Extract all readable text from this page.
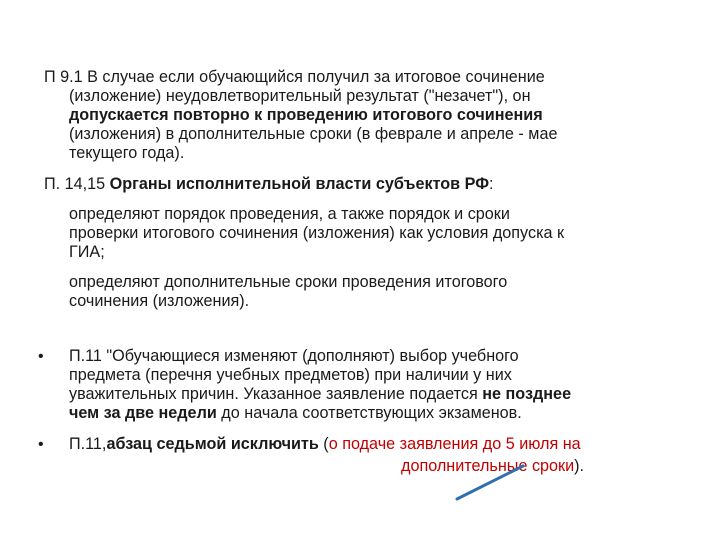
П 9.1 В случае если обучающийся получил за итоговое сочинение
(изложение) неудовлетворительный результат ("незачет"), он
допускается повторно к проведению итогового сочинения
(изложения) в дополнительные сроки (в феврале и апреле - мае
текущего года).
П. 14,15 Органы исполнительной власти субъектов РФ:
определяют порядок проведения, а также порядок и сроки
проверки итогового сочинения (изложения) как условия допуска к
ГИА;
определяют дополнительные сроки проведения итогового
сочинения (изложения).
• П.11 "Обучающиеся изменяют (дополняют) выбор учебного
предмета (перечня учебных предметов) при наличии у них
уважительных причин. Указанное заявление подается не позднее
чем за две недели до начала соответствующих экзаменов.
• П.11,абзац седьмой исключить (о подаче заявления до 5 июля на
дополнительные сроки).
